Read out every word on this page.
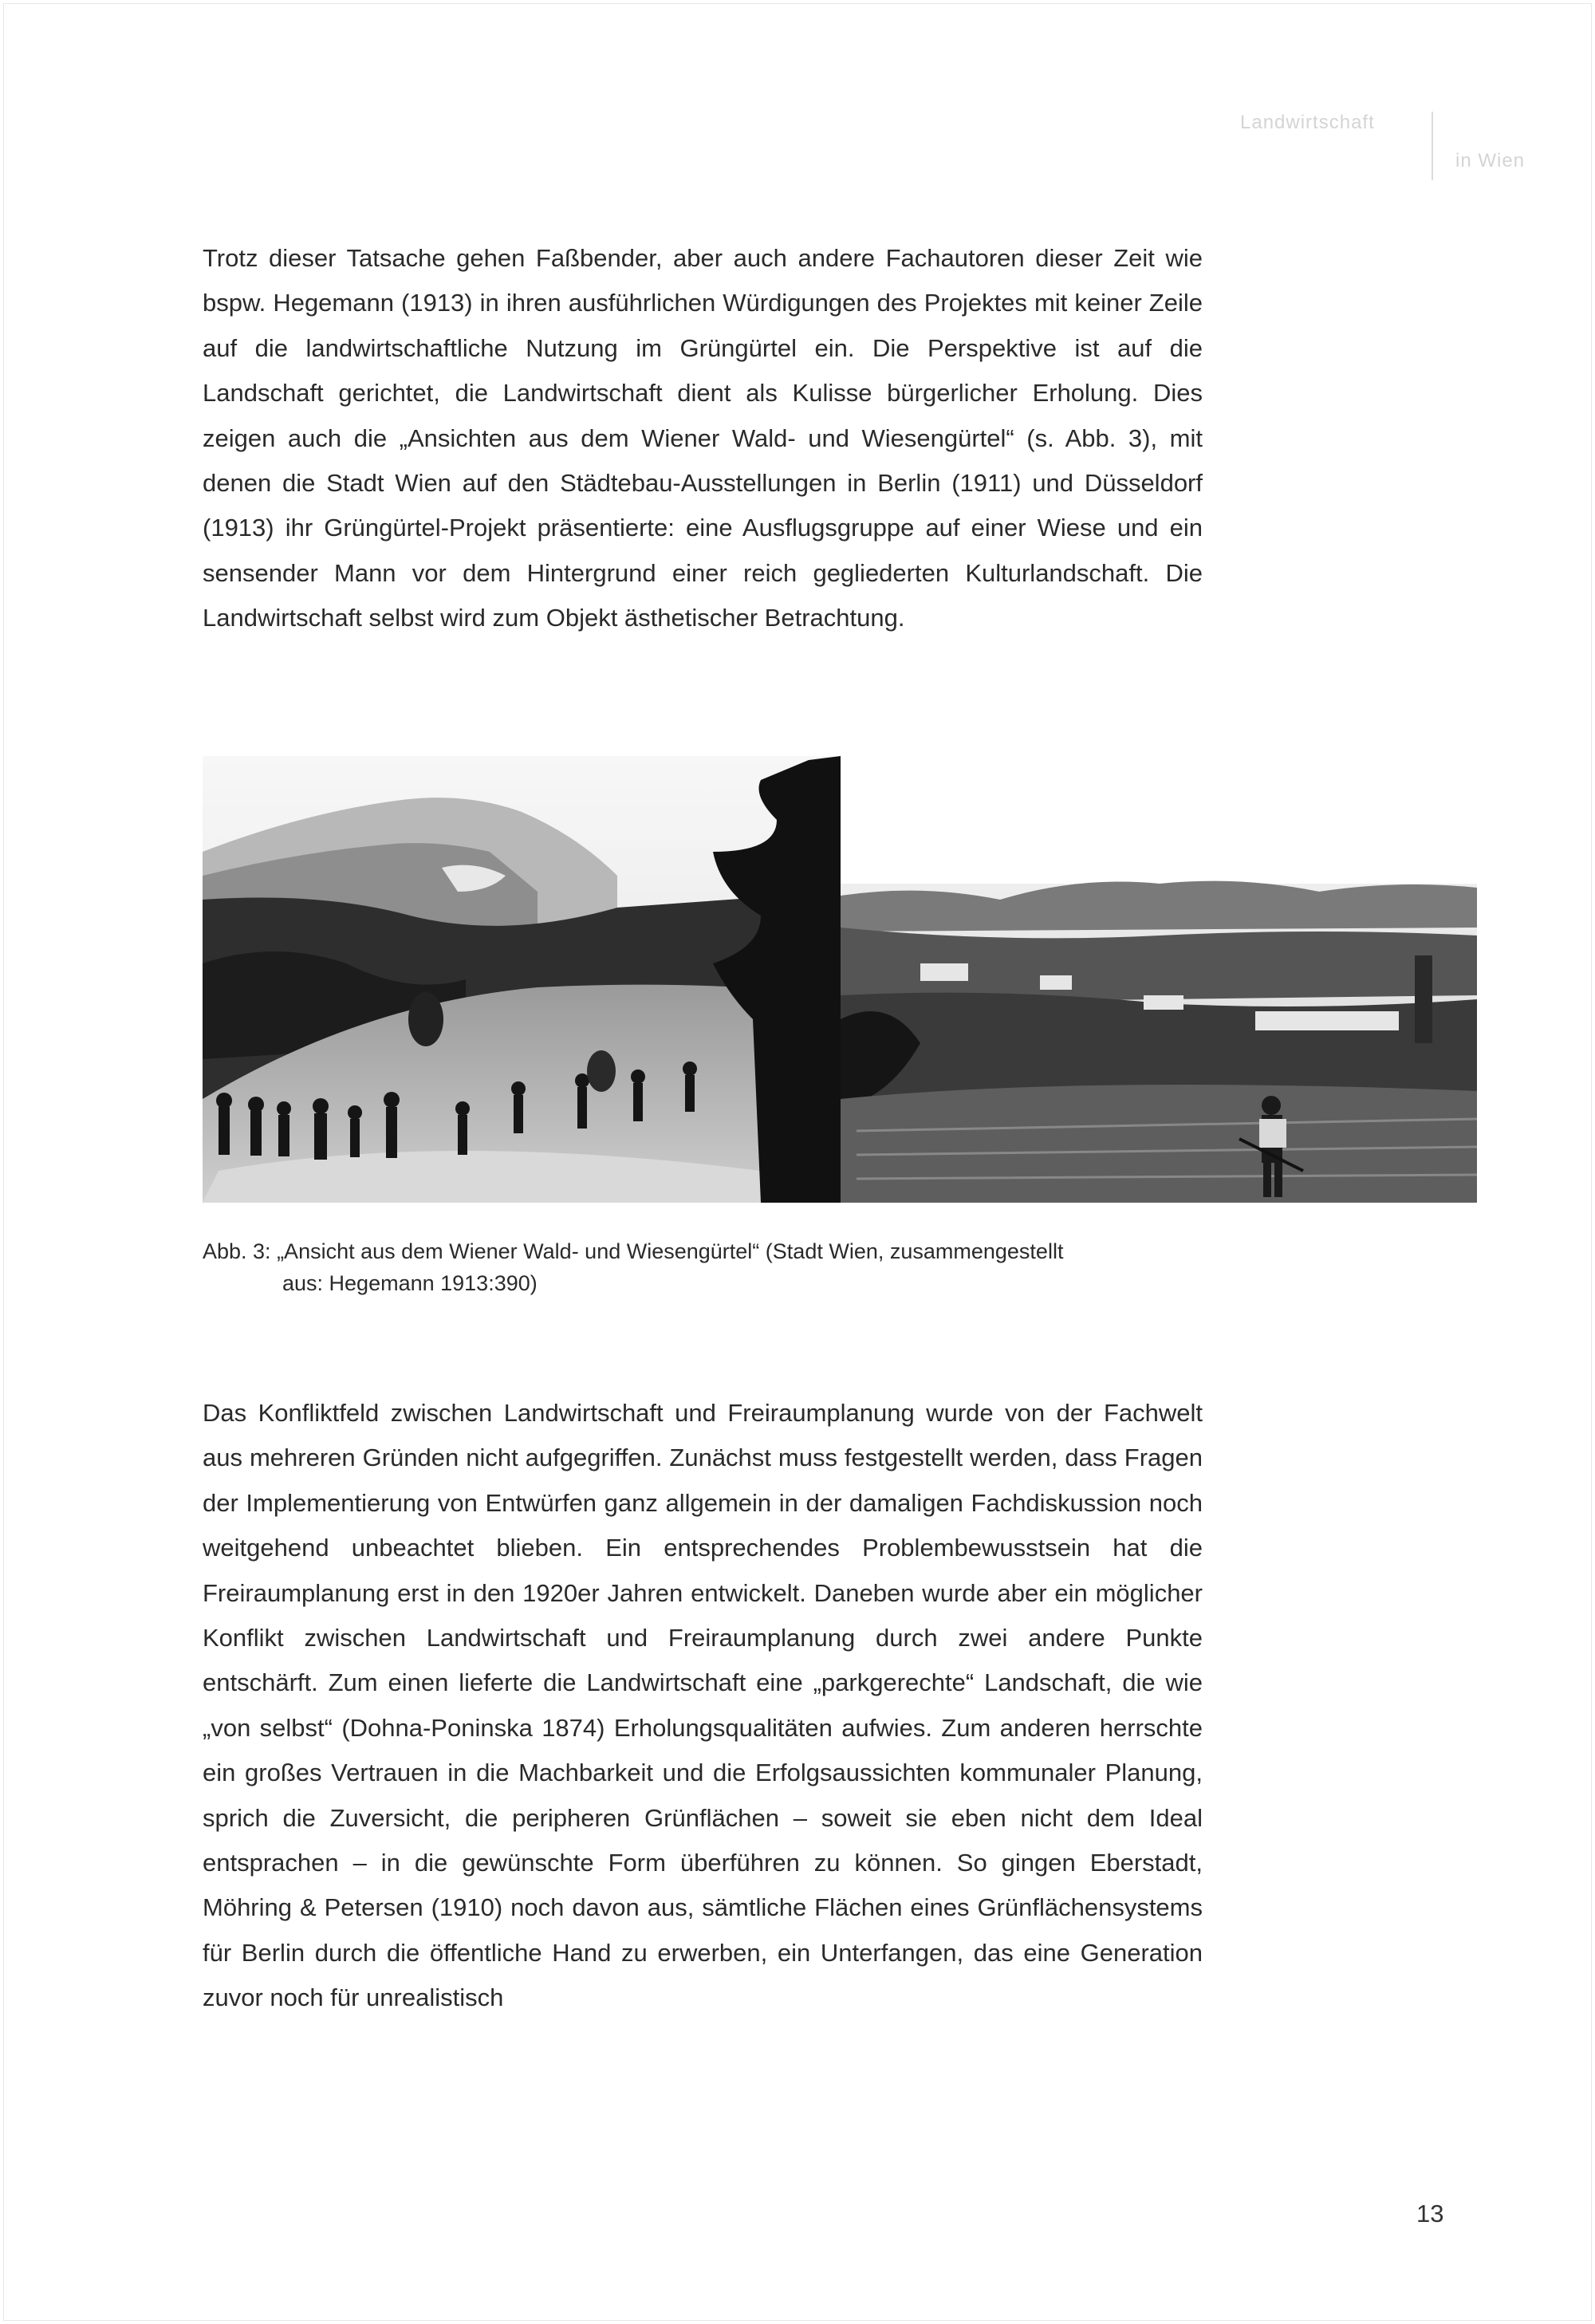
Landwirtschaft
in Wien

Trotz dieser Tatsache gehen Faßbender, aber auch andere Fachautoren dieser Zeit wie bspw. Hegemann (1913) in ihren ausführlichen Würdigungen des Projektes mit keiner Zeile auf die landwirtschaftliche Nutzung im Grüngürtel ein. Die Perspektive ist auf die Landschaft gerichtet, die Landwirtschaft dient als Kulisse bürgerlicher Erholung. Dies zeigen auch die „Ansichten aus dem Wiener Wald- und Wiesengürtel“ (s. Abb. 3), mit denen die Stadt Wien auf den Städtebau-Ausstellungen in Berlin (1911) und Düsseldorf (1913) ihr Grüngürtel-Projekt präsentierte: eine Ausflugsgruppe auf einer Wiese und ein sensender Mann vor dem Hintergrund einer reich gegliederten Kulturlandschaft. Die Landwirtschaft selbst wird zum Objekt ästhetischer Betrachtung.

Abb. 3: „Ansicht aus dem Wiener Wald- und Wiesengürtel“ (Stadt Wien, zusammengestellt
aus: Hegemann 1913:390)

Das Konfliktfeld zwischen Landwirtschaft und Freiraumplanung wurde von der Fachwelt aus mehreren Gründen nicht aufgegriffen. Zunächst muss festgestellt werden, dass Fragen der Implementierung von Entwürfen ganz allgemein in der damaligen Fachdiskussion noch weitgehend unbeachtet blieben. Ein entsprechendes Problembewusstsein hat die Freiraumplanung erst in den 1920er Jahren entwickelt. Daneben wurde aber ein möglicher Konflikt zwischen Landwirtschaft und Freiraumplanung durch zwei andere Punkte entschärft. Zum einen lieferte die Landwirtschaft eine „parkgerechte“ Landschaft, die wie „von selbst“ (Dohna-Poninska 1874) Erholungsqualitäten aufwies. Zum anderen herrschte ein großes Vertrauen in die Machbarkeit und die Erfolgsaussichten kommunaler Planung, sprich die Zuversicht, die peripheren Grünflächen – soweit sie eben nicht dem Ideal entsprachen – in die gewünschte Form überführen zu können. So gingen Eberstadt, Möhring & Petersen (1910) noch davon aus, sämtliche Flächen eines Grünflächensystems für Berlin durch die öffentliche Hand zu erwerben, ein Unterfangen, das eine Generation zuvor noch für unrealistisch

13
